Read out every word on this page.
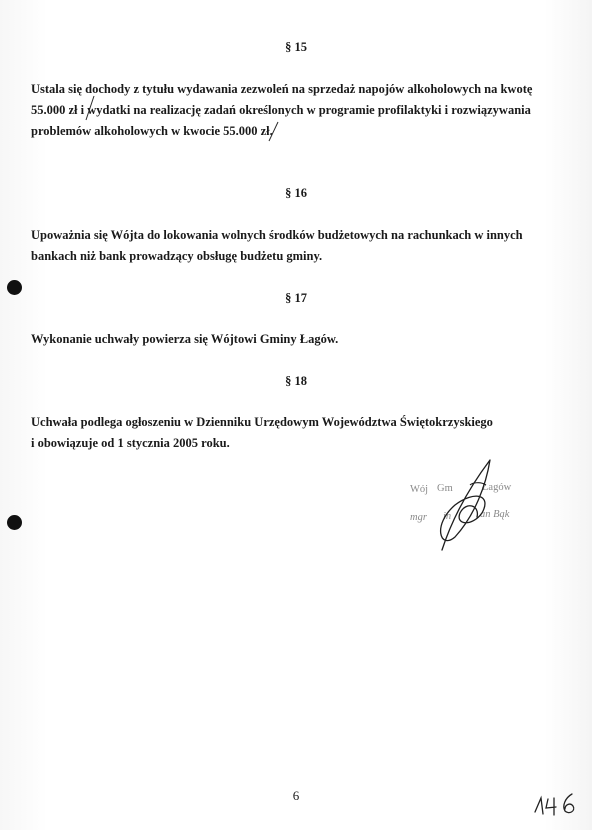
§ 15
Ustala się dochody z tytułu wydawania zezwoleń na sprzedaż napojów alkoholowych na kwotę
55.000 zł i wydatki na realizację zadań określonych w programie profilaktyki i rozwiązywania
problemów alkoholowych w kwocie 55.000 zł.
§ 16
Upoważnia się Wójta do lokowania wolnych środków budżetowych na rachunkach w innych
bankach niż bank prowadzący obsługę budżetu gminy.
§ 17
Wykonanie uchwały powierza się Wójtowi Gminy Łagów.
§ 18
Uchwała podlega ogłoszeniu w Dzienniku Urzędowym Województwa Świętokrzyskiego
i obowiązuje od 1 stycznia 2005 roku.
Wój Gm	Łagów
mgr in	an Bąk
6
